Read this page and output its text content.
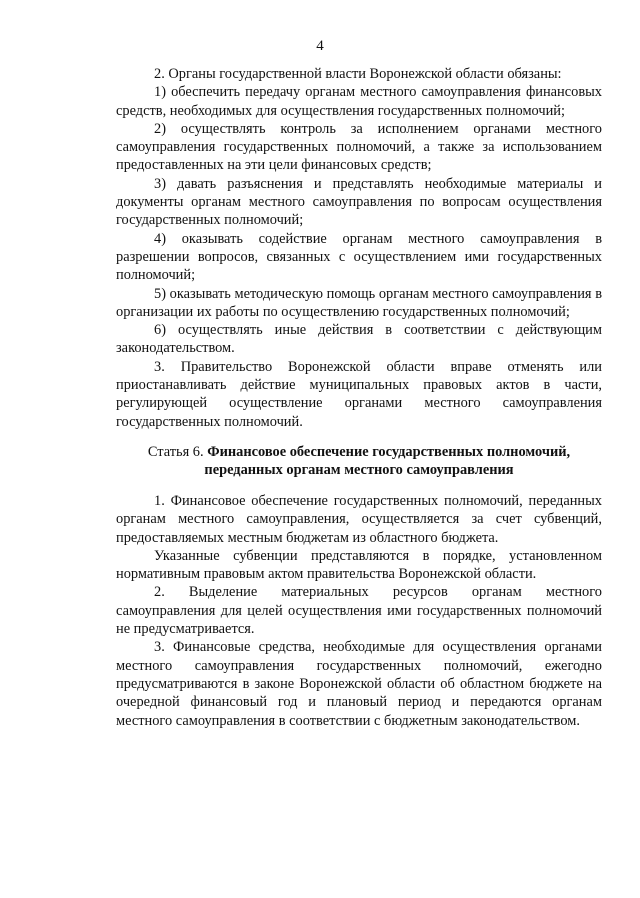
4

2. Органы государственной власти Воронежской области обязаны:

1) обеспечить передачу органам местного самоуправления финансовых средств, необходимых для осуществления государственных полномочий;

2) осуществлять контроль за исполнением органами местного самоуправления государственных полномочий, а также за использованием предоставленных на эти цели финансовых средств;

3) давать разъяснения и представлять необходимые материалы и документы органам местного самоуправления по вопросам осуществления государственных полномочий;

4) оказывать содействие органам местного самоуправления в разрешении вопросов, связанных с осуществлением ими государственных полномочий;

5) оказывать методическую помощь органам местного самоуправления в организации их работы по осуществлению государственных полномочий;

6) осуществлять иные действия в соответствии с действующим законодательством.

3. Правительство Воронежской области вправе отменять или приостанавливать действие муниципальных правовых актов в части, регулирующей осуществление органами местного самоуправления государственных полномочий.

Статья 6. Финансовое обеспечение государственных полномочий,
переданных органам местного самоуправления

1. Финансовое обеспечение государственных полномочий, переданных органам местного самоуправления, осуществляется за счет субвенций, предоставляемых местным бюджетам из областного бюджета.

Указанные субвенции представляются в порядке, установленном нормативным правовым актом правительства Воронежской области.

2. Выделение материальных ресурсов органам местного самоуправления для целей осуществления ими государственных полномочий не предусматривается.

3. Финансовые средства, необходимые для осуществления органами местного самоуправления государственных полномочий, ежегодно предусматриваются в законе Воронежской области об областном бюджете на очередной финансовый год и плановый период и передаются органам местного самоуправления в соответствии с бюджетным законодательством.
